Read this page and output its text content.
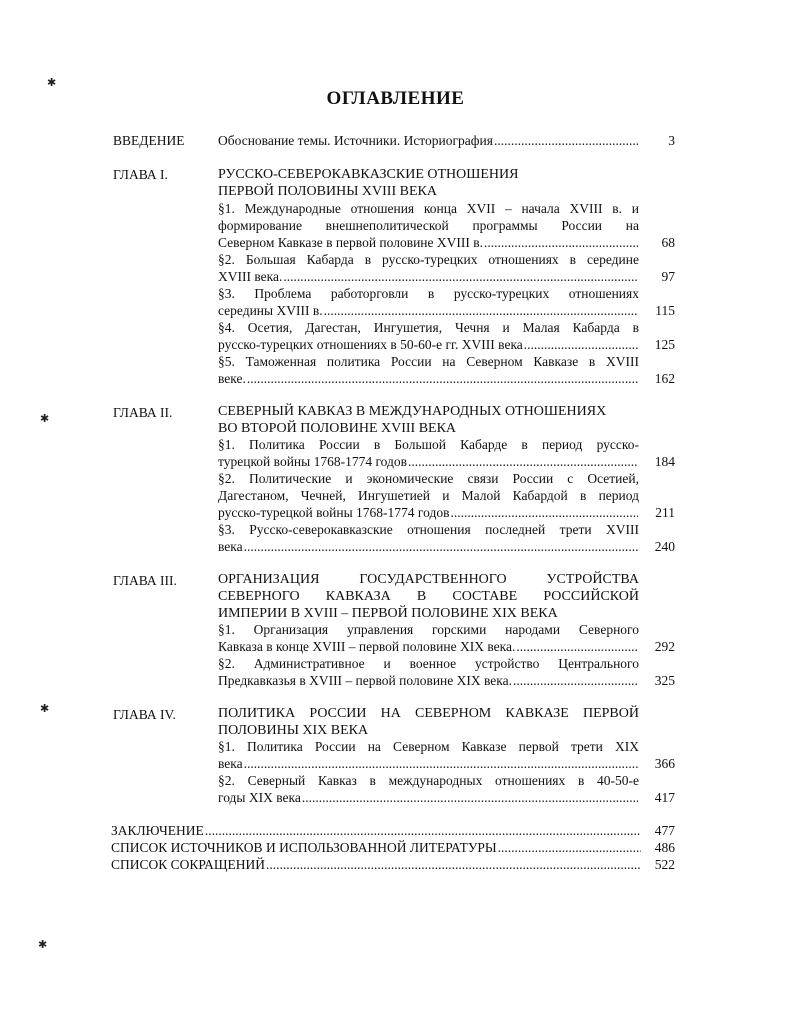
✱
✱
✱
✱
ОГЛАВЛЕНИЕ
ВВЕДЕНИЕ Обоснование темы. Источники. Историография .....	3
ГЛАВА I.	РУССКО-СЕВЕРОКАВКАЗСКИЕ ОТНОШЕНИЯ
ПЕРВОЙ ПОЛОВИНЫ XVIII ВЕКА
§1. Международные отношения конца XVII – начала XVIII в. и
формирование внешнеполитической программы России на
Северном Кавказе в первой половине XVIII в. .....	68
§2. Большая Кабарда в русско-турецких отношениях в середине
XVIII века. .....	97
§3. Проблема работорговли в русско-турецких отношениях
середины XVIII в. .....	115
§4. Осетия, Дагестан, Ингушетия, Чечня и Малая Кабарда в
русско-турецких отношениях в 50-60-е гг. XVIII века .....	125
§5. Таможенная политика России на Северном Кавказе в XVIII
веке. .....	162
ГЛАВА II.	СЕВЕРНЫЙ КАВКАЗ В МЕЖДУНАРОДНЫХ ОТНОШЕНИЯХ
ВО ВТОРОЙ ПОЛОВИНЕ XVIII ВЕКА
§1. Политика России в Большой Кабарде в период русско-
турецкой войны 1768-1774 годов .....	184
§2. Политические и экономические связи России с Осетией,
Дагестаном, Чечней, Ингушетией и Малой Кабардой в период
русско-турецкой войны 1768-1774 годов .....	211
§3. Русско-северокавказские отношения последней трети XVIII
века .....	240
ГЛАВА III.	ОРГАНИЗАЦИЯ ГОСУДАРСТВЕННОГО УСТРОЙСТВА
СЕВЕРНОГО КАВКАЗА В СОСТАВЕ РОССИЙСКОЙ
ИМПЕРИИ В XVIII – ПЕРВОЙ ПОЛОВИНЕ XIX ВЕКА
§1. Организация управления горскими народами Северного
Кавказа в конце XVIII – первой половине XIX века. .....	292
§2. Административное и военное устройство Центрального
Предкавказья в XVIII – первой половине XIX века. .....	325
ГЛАВА IV.	ПОЛИТИКА РОССИИ НА СЕВЕРНОМ КАВКАЗЕ ПЕРВОЙ
ПОЛОВИНЫ XIX ВЕКА
§1. Политика России на Северном Кавказе первой трети XIX
века .....	366
§2. Северный Кавказ в международных отношениях в 40-50-е
годы XIX века .....	417
ЗАКЛЮЧЕНИЕ .....	477
СПИСОК ИСТОЧНИКОВ И ИСПОЛЬЗОВАННОЙ ЛИТЕРАТУРЫ .....	486
СПИСОК СОКРАЩЕНИЙ .....	522
